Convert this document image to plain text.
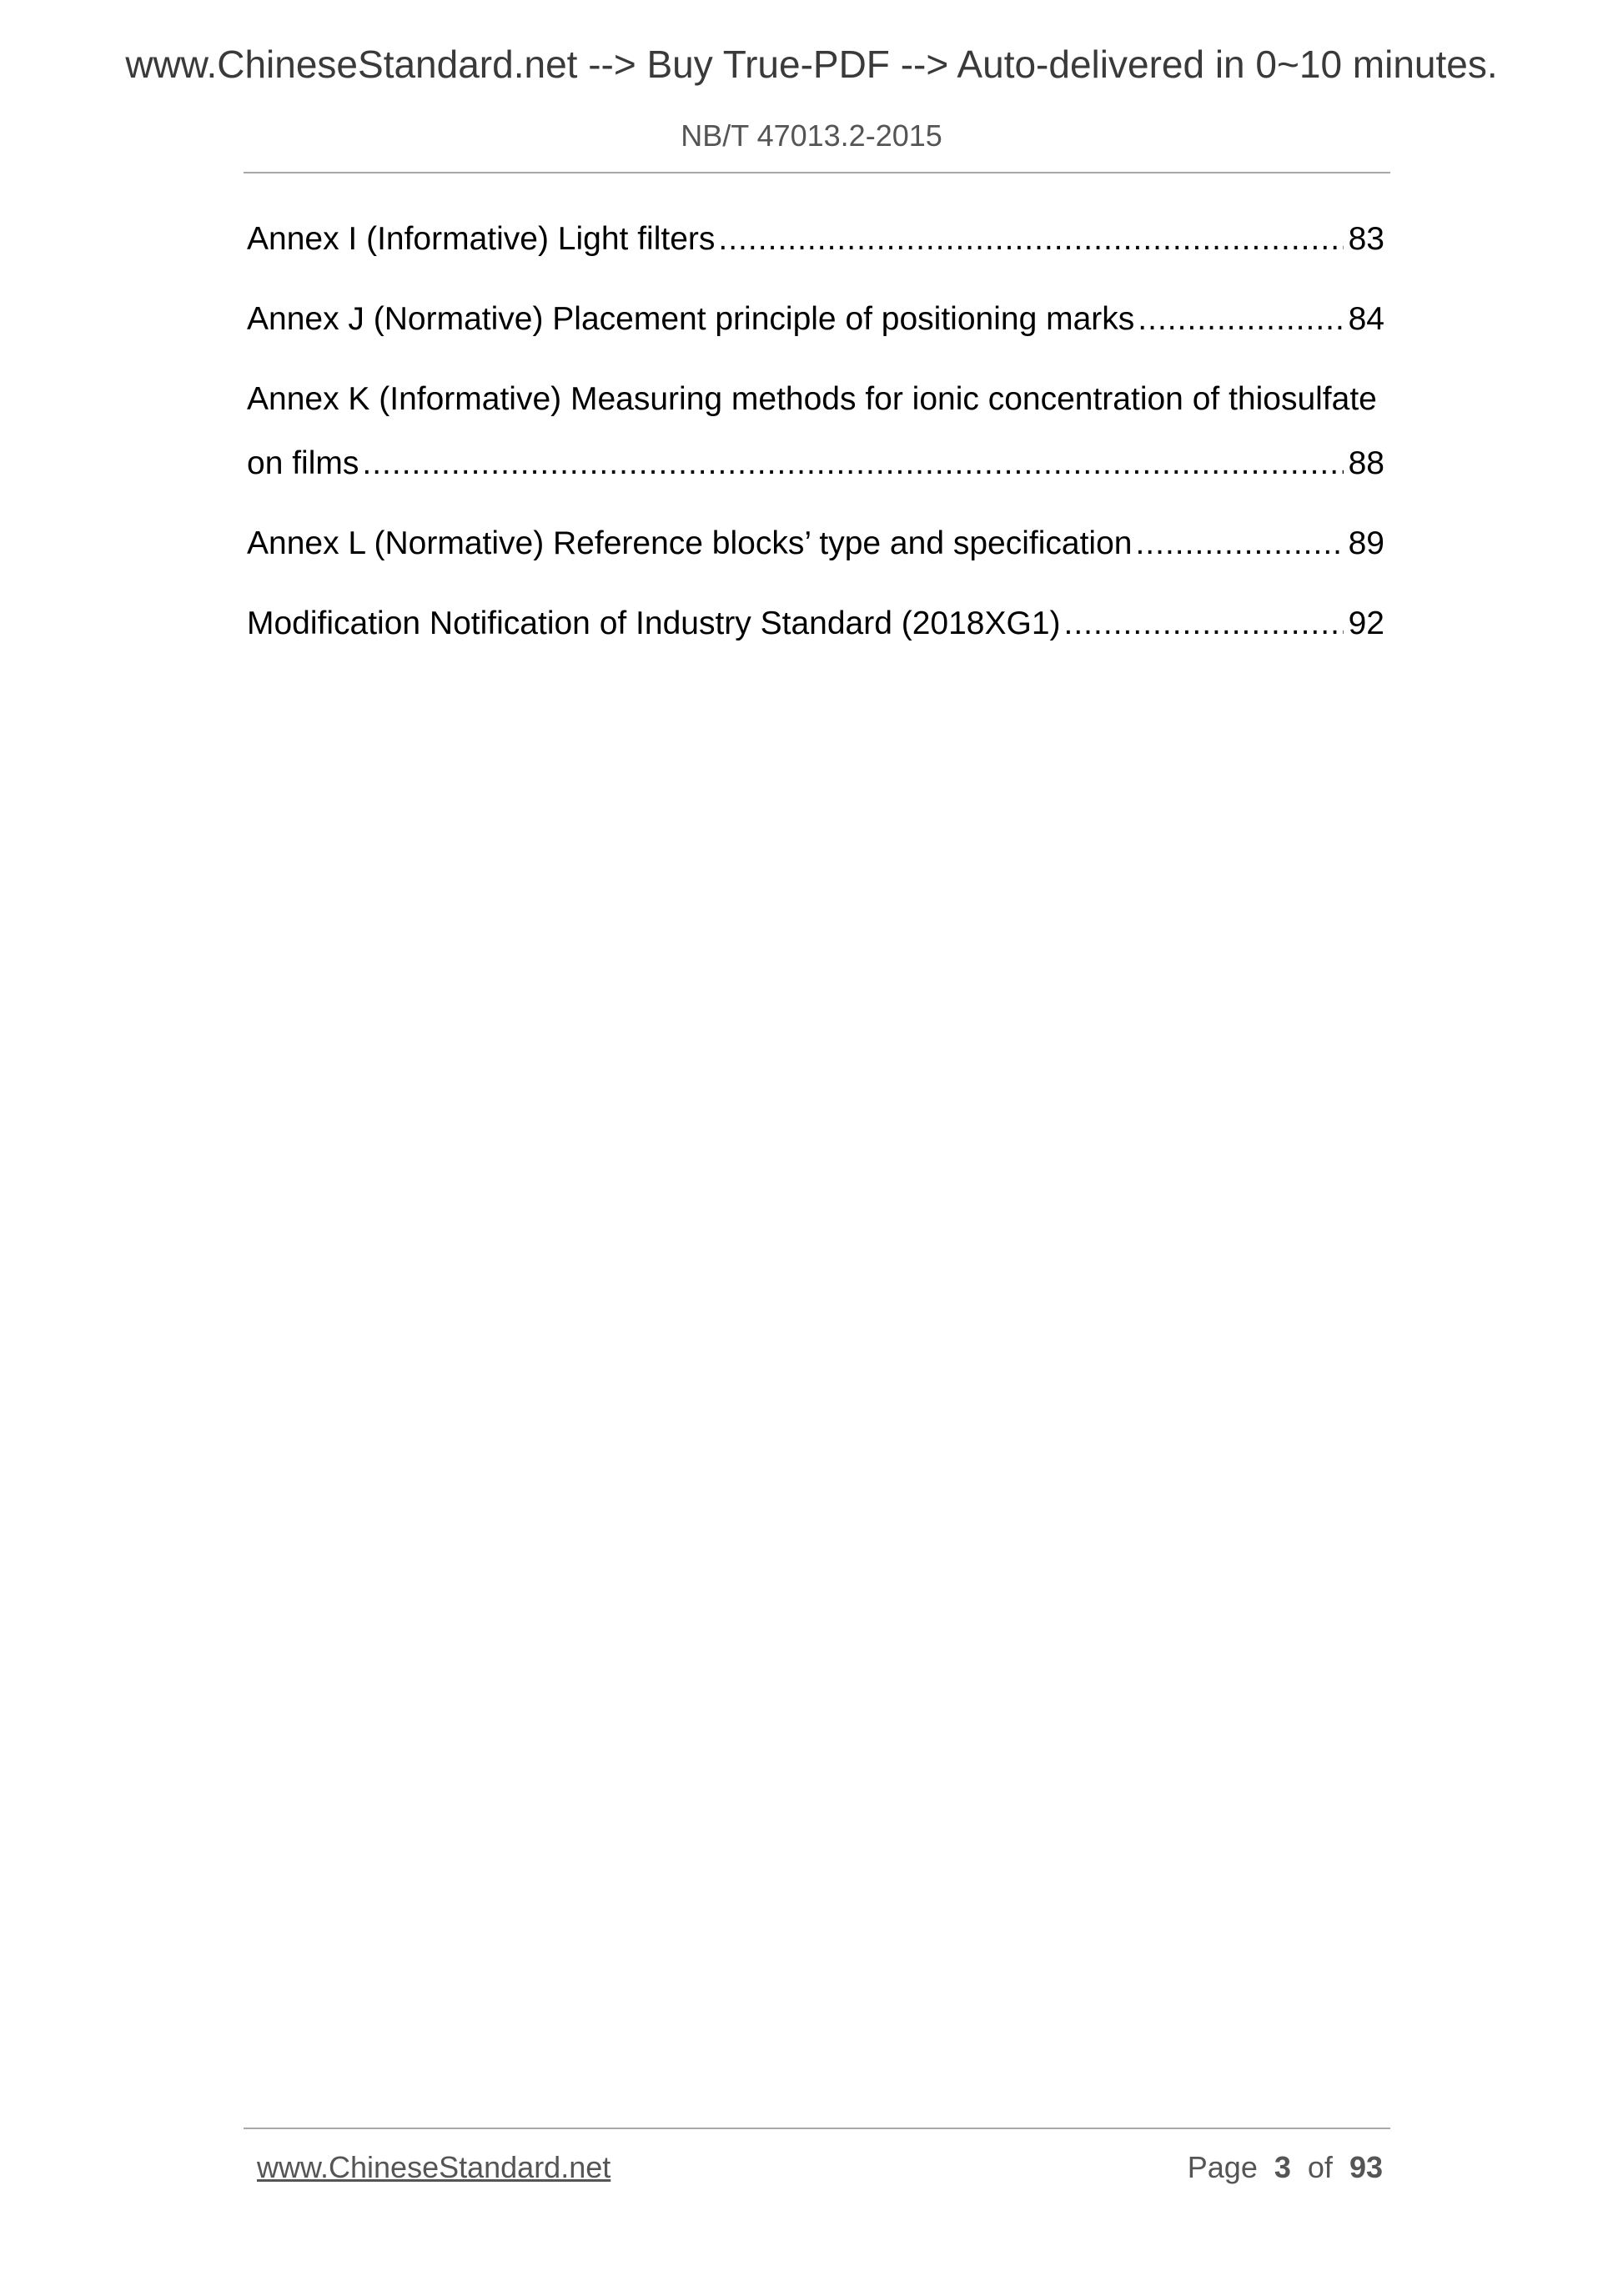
www.ChineseStandard.net --> Buy True-PDF --> Auto-delivered in 0~10 minutes.
NB/T 47013.2-2015
Annex I (Informative) Light filters .....	83
Annex J (Normative) Placement principle of positioning marks .....	84
Annex K (Informative) Measuring methods for ionic concentration of thiosulfate
on films .....	88
Annex L (Normative) Reference blocks’ type and specification .....	89
Modification Notification of Industry Standard (2018XG1) .....	92
www.ChineseStandard.net	Page 3 of 93
